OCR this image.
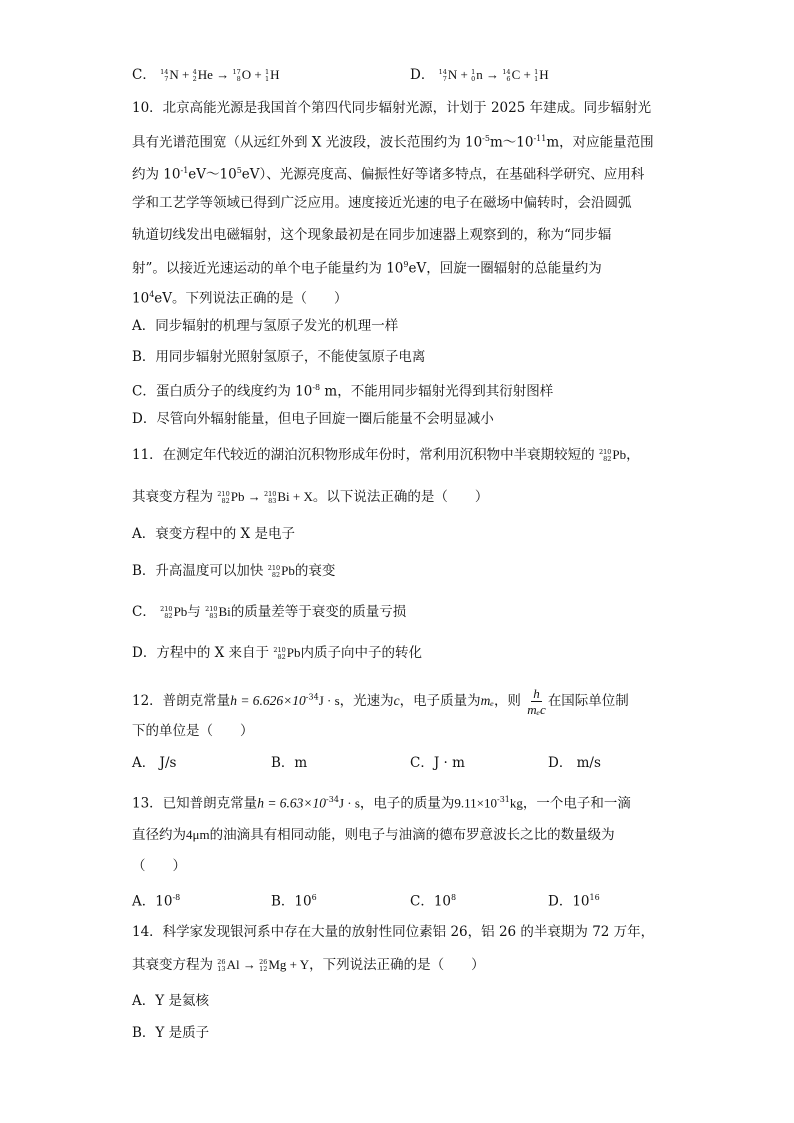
C． 14
7 N + 4
2 He → 17
8 O + 1
1 H	D． 14
7 N + 1
0 n → 14
6 C + 1
1 H
10．北京高能光源是我国首个第四代同步辐射光源，计划于 2025 年建成。同步辐射光
具有光谱范围宽（从远红外到 X 光波段，波长范围约为 $10^{-5}m\sim 10^{-11}m$，对应能量范围
约为 $10^{-1}eV\sim 10^5eV$）、光源亮度高、偏振性好等诸多特点，在基础科学研究、应用科
学和工艺学等领域已得到广泛应用。速度接近光速的电子在磁场中偏转时，会沿圆弧
轨道切线发出电磁辐射，这个现象最初是在同步加速器上观察到的，称为“同步辐
射”。以接近光速运动的单个电子能量约为 $10^9eV$，回旋一圈辐射的总能量约为
$10^4eV$。下列说法正确的是（　　）
A．同步辐射的机理与氢原子发光的机理一样
B．用同步辐射光照射氢原子，不能使氢原子电离
C．蛋白质分子的线度约为 $10^{-8}$ m，不能用同步辐射光得到其衍射图样
D．尽管向外辐射能量，但电子回旋一圈后能量不会明显减小
11．在测定年代较近的湖泊沉积物形成年份时，常利用沉积物中半衰期较短的 210
82 Pb，
其衰变方程为 210
82 Pb → 210
83 Bi + X。以下说法正确的是（　　）
A．衰变方程中的 X 是电子
B．升高温度可以加快 210
82 Pb的衰变
C． 210
82 Pb与 210
83 Bi的质量差等于衰变的质量亏损
D．方程中的 X 来自于 210
82 Pb内质子向中子的转化
12．普朗克常量$h = 6.626\times 10^{-34}J \cdot s$，光速为c，电子质量为mₑ，则 $\frac{h}{\text{mₑc}}$ 在国际单位制
下的单位是（　　）
A． J/s	B．m	C．J · m	D． m/s
13．已知普朗克常量$h = 6.63\times 10^{-34}J \cdot s$，电子的质量为$9.11\times 10^{-31}kg$，一个电子和一滴
直径约为4μm的油滴具有相同动能，则电子与油滴的德布罗意波长之比的数量级为
（　　）
A．$10^{-8}$	B．$10^6$	C．$10^8$	D．$10^{16}$
14．科学家发现银河系中存在大量的放射性同位素铝 26，铝 26 的半衰期为 72 万年，
其衰变方程为 26
13 Al → 26
12 Mg + Y，下列说法正确的是（　　）
A．Y 是氦核
B．Y 是质子
